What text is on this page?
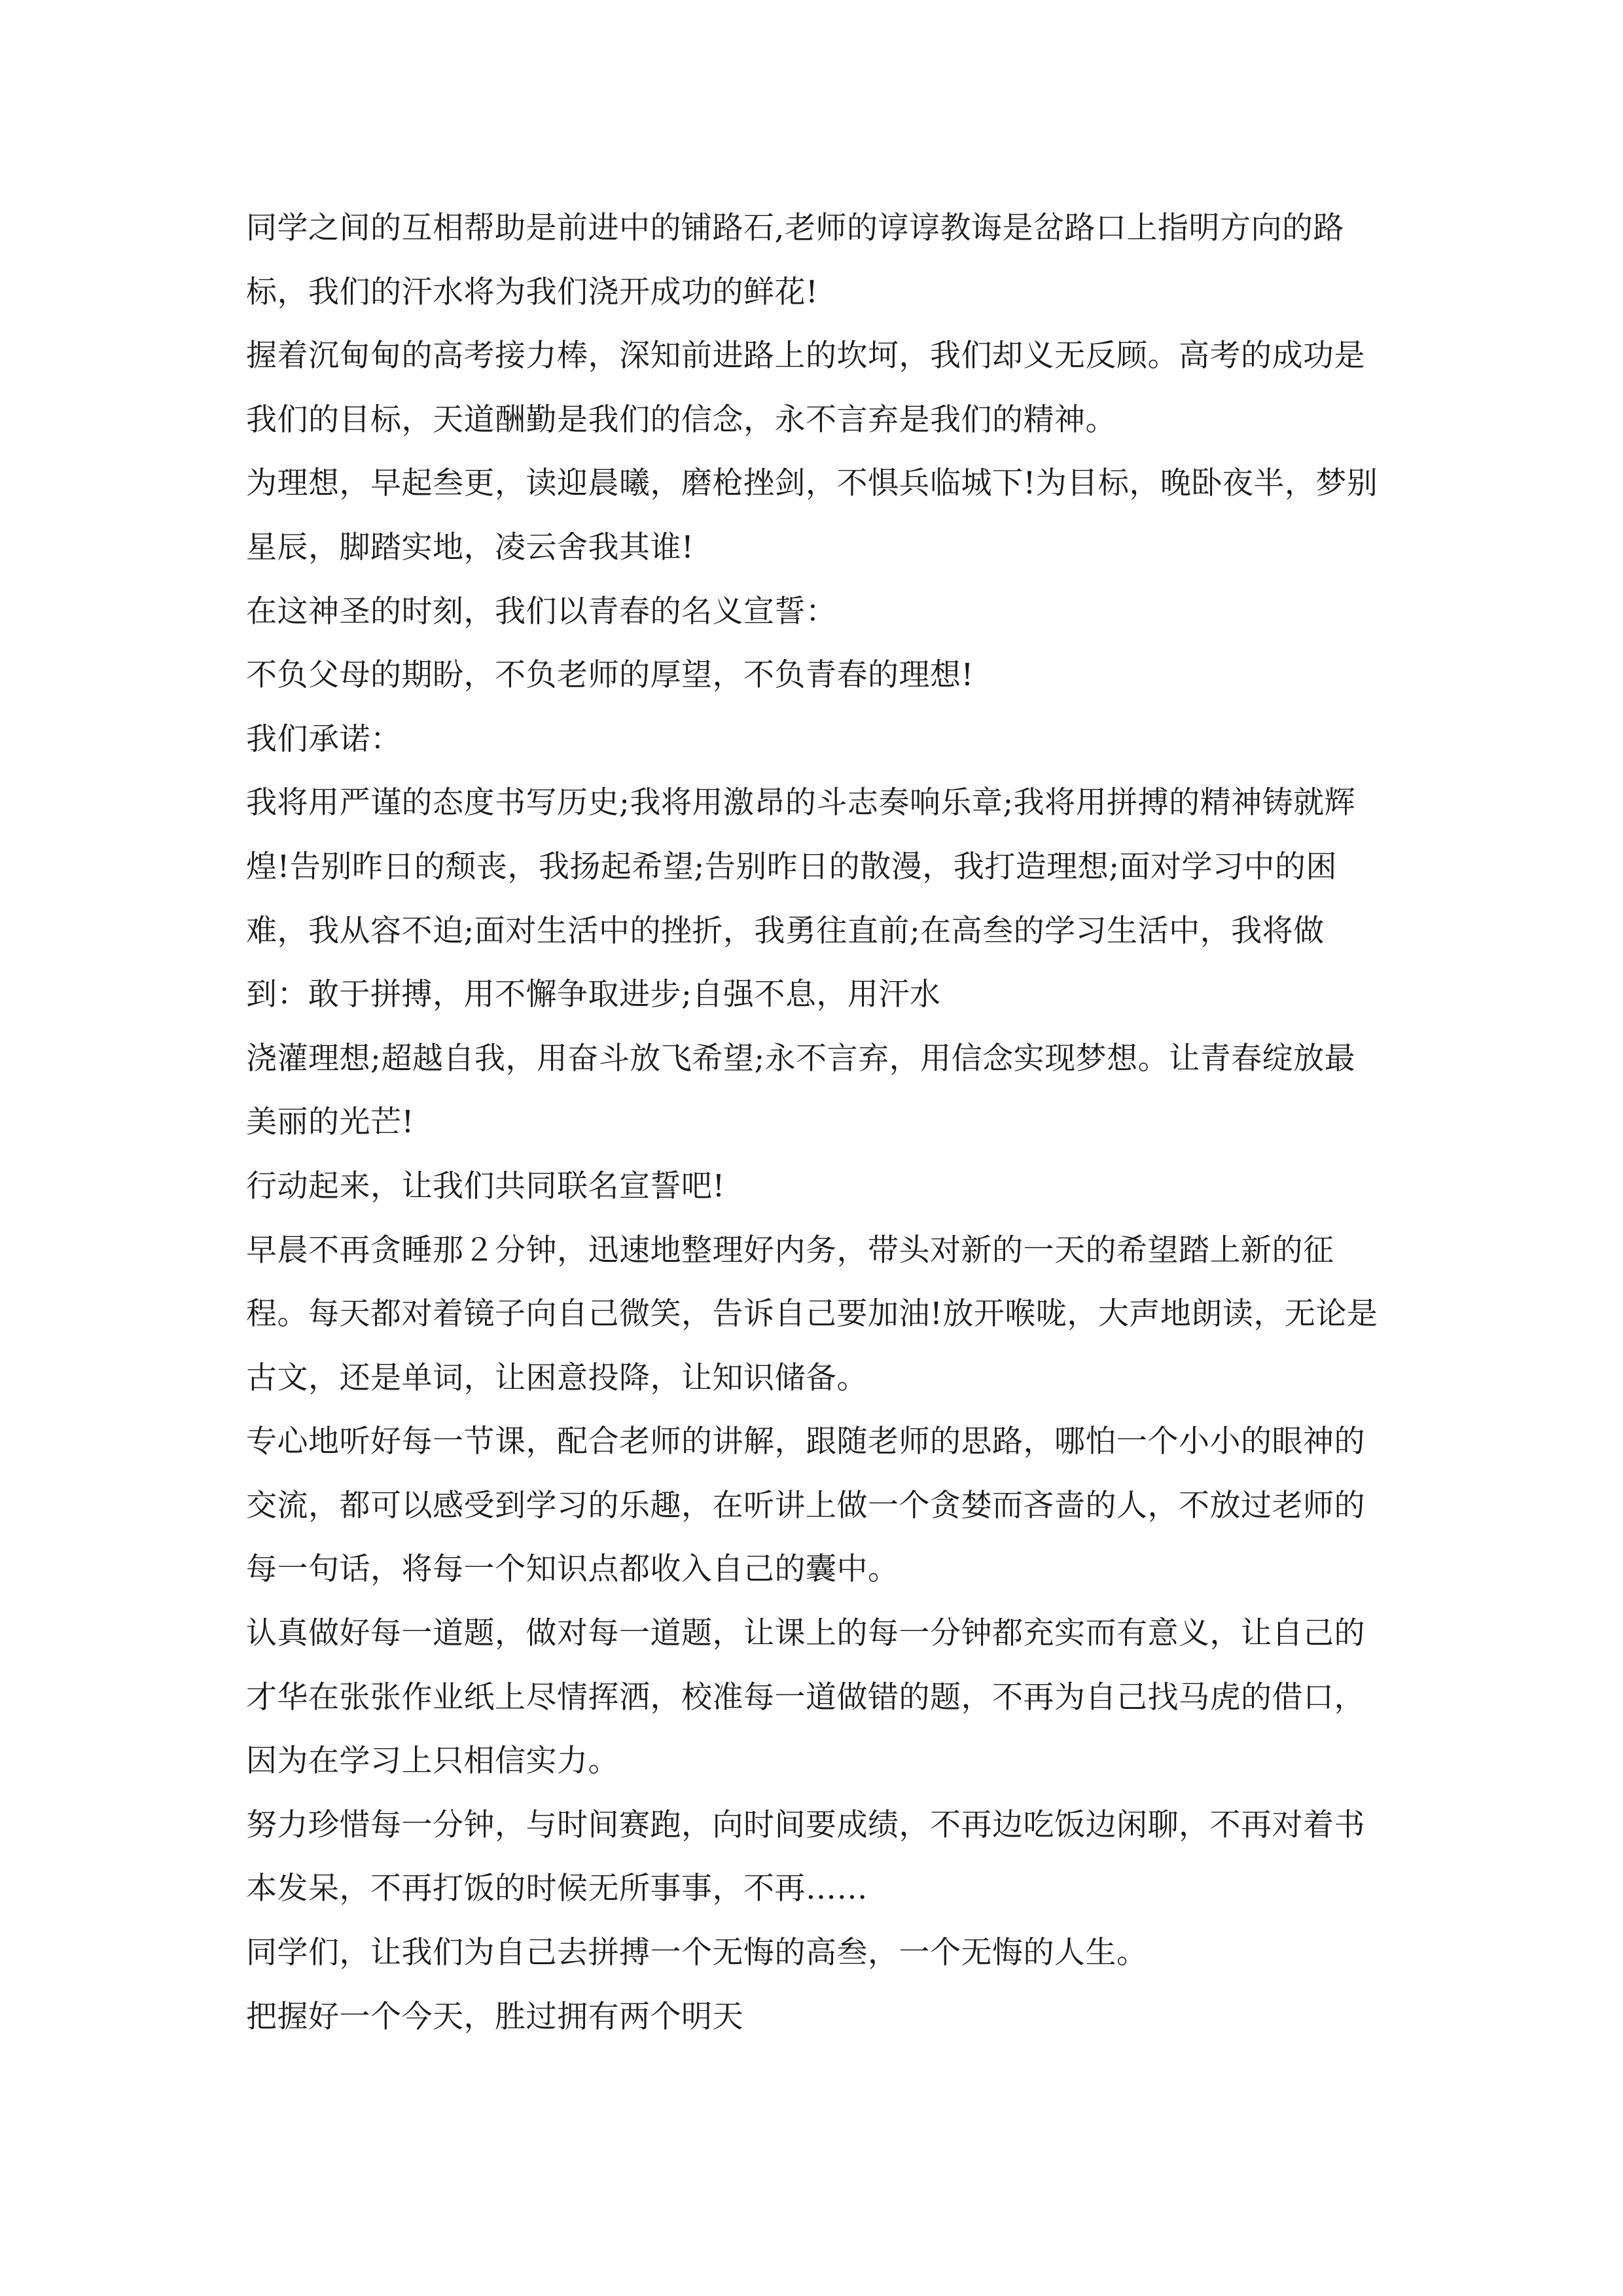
同学之间的互相帮助是前进中的铺路石,老师的谆谆教诲是岔路口上指明方向的路标，我们的汗水将为我们浇开成功的鲜花!

握着沉甸甸的高考接力棒，深知前进路上的坎坷，我们却义无反顾。高考的成功是我们的目标，天道酬勤是我们的信念，永不言弃是我们的精神。

为理想，早起叁更，读迎晨曦，磨枪挫剑，不惧兵临城下!为目标，晚卧夜半，梦别星辰，脚踏实地，凌云舍我其谁!

在这神圣的时刻，我们以青春的名义宣誓：

不负父母的期盼，不负老师的厚望，不负青春的理想!

我们承诺：

我将用严谨的态度书写历史;我将用激昂的斗志奏响乐章;我将用拼搏的精神铸就辉煌!告别昨日的颓丧，我扬起希望;告别昨日的散漫，我打造理想;面对学习中的困难，我从容不迫;面对生活中的挫折，我勇往直前;在高叁的学习生活中，我将做到：敢于拼搏，用不懈争取进步;自强不息，用汗水

浇灌理想;超越自我，用奋斗放飞希望;永不言弃，用信念实现梦想。让青春绽放最美丽的光芒!

行动起来，让我们共同联名宣誓吧!

早晨不再贪睡那２分钟，迅速地整理好内务，带头对新的一天的希望踏上新的征程。每天都对着镜子向自己微笑，告诉自己要加油!放开喉咙，大声地朗读，无论是古文，还是单词，让困意投降，让知识储备。

专心地听好每一节课，配合老师的讲解，跟随老师的思路，哪怕一个小小的眼神的交流，都可以感受到学习的乐趣，在听讲上做一个贪婪而吝啬的人，不放过老师的每一句话，将每一个知识点都收入自己的囊中。

认真做好每一道题，做对每一道题，让课上的每一分钟都充实而有意义，让自己的才华在张张作业纸上尽情挥洒，校准每一道做错的题，不再为自己找马虎的借口，因为在学习上只相信实力。

努力珍惜每一分钟，与时间赛跑，向时间要成绩，不再边吃饭边闲聊，不再对着书本发呆，不再打饭的时候无所事事，不再……

同学们，让我们为自己去拼搏一个无悔的高叁，一个无悔的人生。

把握好一个今天，胜过拥有两个明天
